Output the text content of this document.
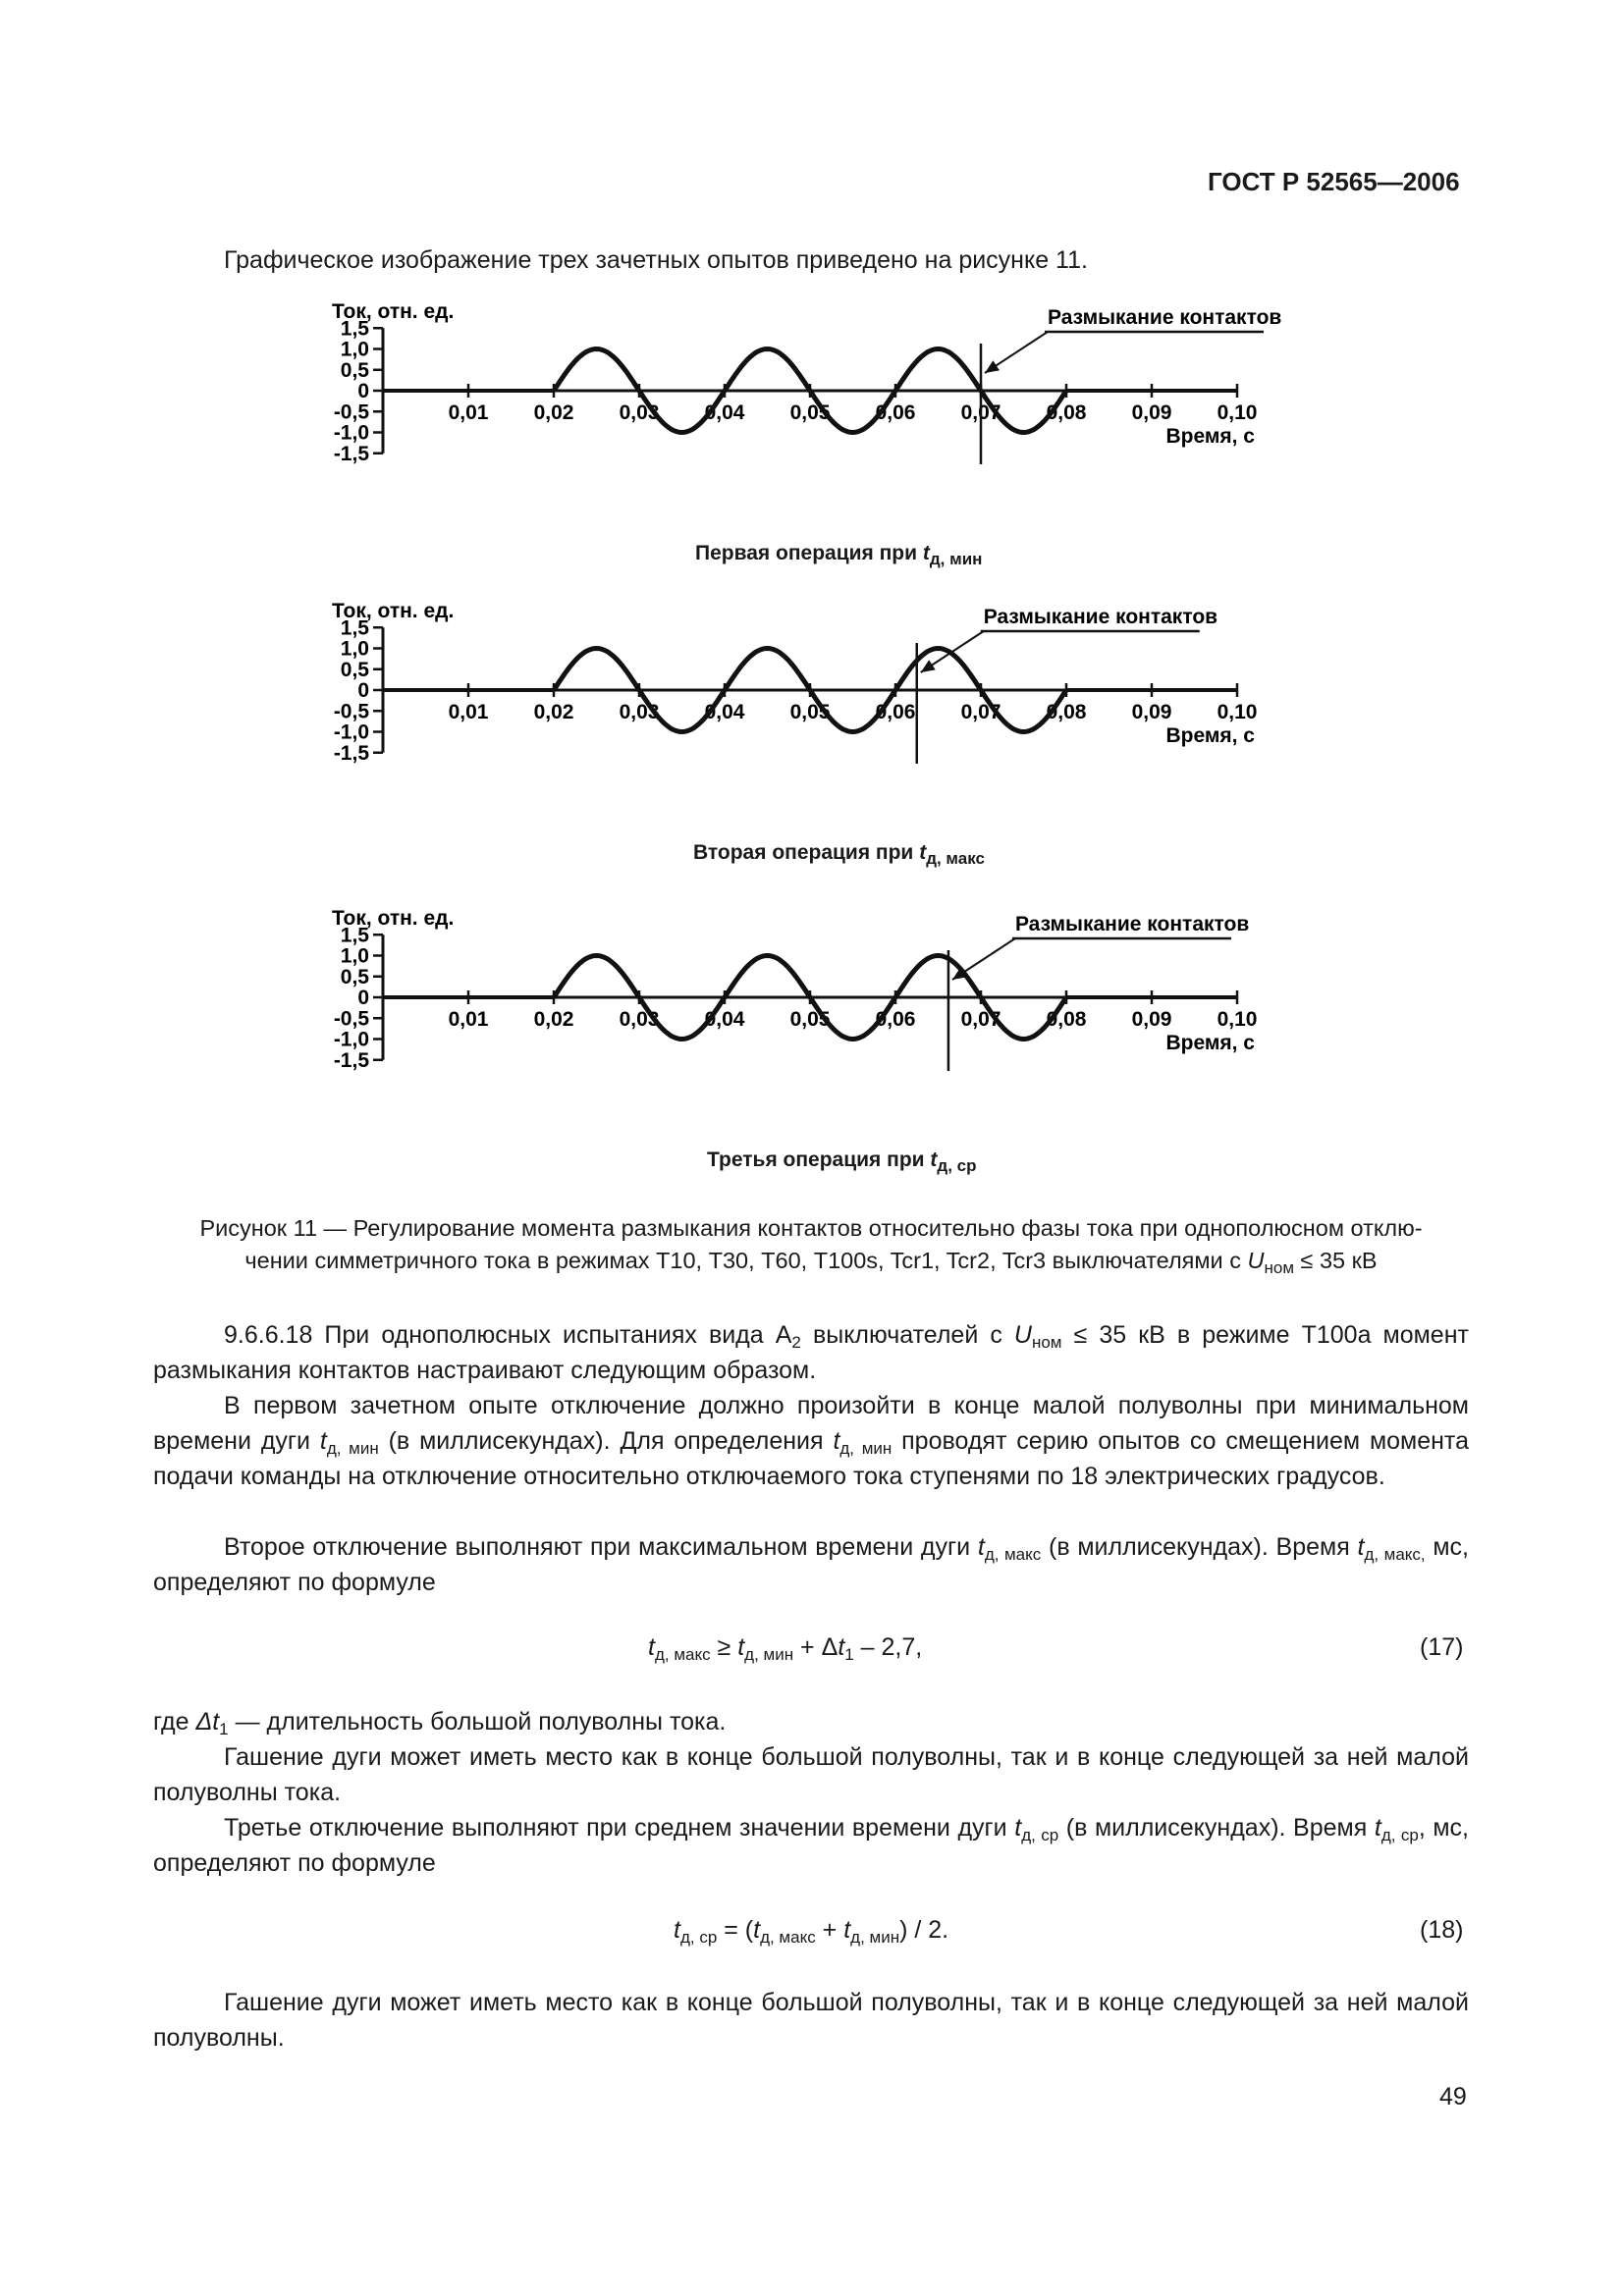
ГОСТ Р 52565—2006
Графическое изображение трех зачетных опытов приведено на рисунке 11.
Ток, отн. ед.
1,5
1,0
0,5
0
-0,5
-1,0
-1,5
0,01 0,02 0,03 0,04 0,05 0,06 0,07 0,08 0,09 0,10
Размыкание контактов
Время, с
Первая операция при $t_{д, мин}$
Ток, отн. ед.
1,5
1,0
0,5
0
-0,5
-1,0
-1,5
0,01 0,02 0,03 0,04 0,05 0,06 0,07 0,08 0,09 0,10
Размыкание контактов
Время, с
Вторая операция при $t_{д, макс}$
Ток, отн. ед.
1,5
1,0
0,5
0
-0,5
-1,0
-1,5
0,01 0,02 0,03 0,04 0,05 0,06 0,07 0,08 0,09 0,10
Размыкание контактов
Время, с
Третья операция при $t_{д, ср}$
Рисунок 11 — Регулирование момента размыкания контактов относительно фазы тока при однополюсном отклю-
чении симметричного тока в режимах Т10, Т30, Т60, Т100s, Tcr1, Tcr2, Tcr3 выключателями с $U_{ном} \le 35$ кВ
9.6.6.18 При однополюсных испытаниях вида $А_2$ выключателей с $U_{ном} \le 35$ кВ в режиме Т100а момент размыкания контактов настраивают следующим образом.
В первом зачетном опыте отключение должно произойти в конце малой полуволны при минимальном времени дуги $t_{д, мин}$ (в миллисекундах). Для определения $t_{д, мин}$ проводят серию опытов со смещением момента подачи команды на отключение относительно отключаемого тока ступенями по 18 электрических градусов.
Второе отключение выполняют при максимальном времени дуги $t_{д, макс}$ (в миллисекундах). Время $t_{д, макс,}$ мс, определяют по формуле
$t_{д, макс} \ge t_{д, мин} + \Delta t_1 - 2,7$,	(17)
где $\Delta t_1$ — длительность большой полуволны тока.
Гашение дуги может иметь место как в конце большой полуволны, так и в конце следующей за ней малой полуволны тока.
Третье отключение выполняют при среднем значении времени дуги $t_{д, ср}$ (в миллисекундах). Время $t_{д, ср}$, мс, определяют по формуле
$t_{д, ср} = (t_{д, макс} + t_{д, мин}) / 2$.	(18)
Гашение дуги может иметь место как в конце большой полуволны, так и в конце следующей за ней малой полуволны.
49
